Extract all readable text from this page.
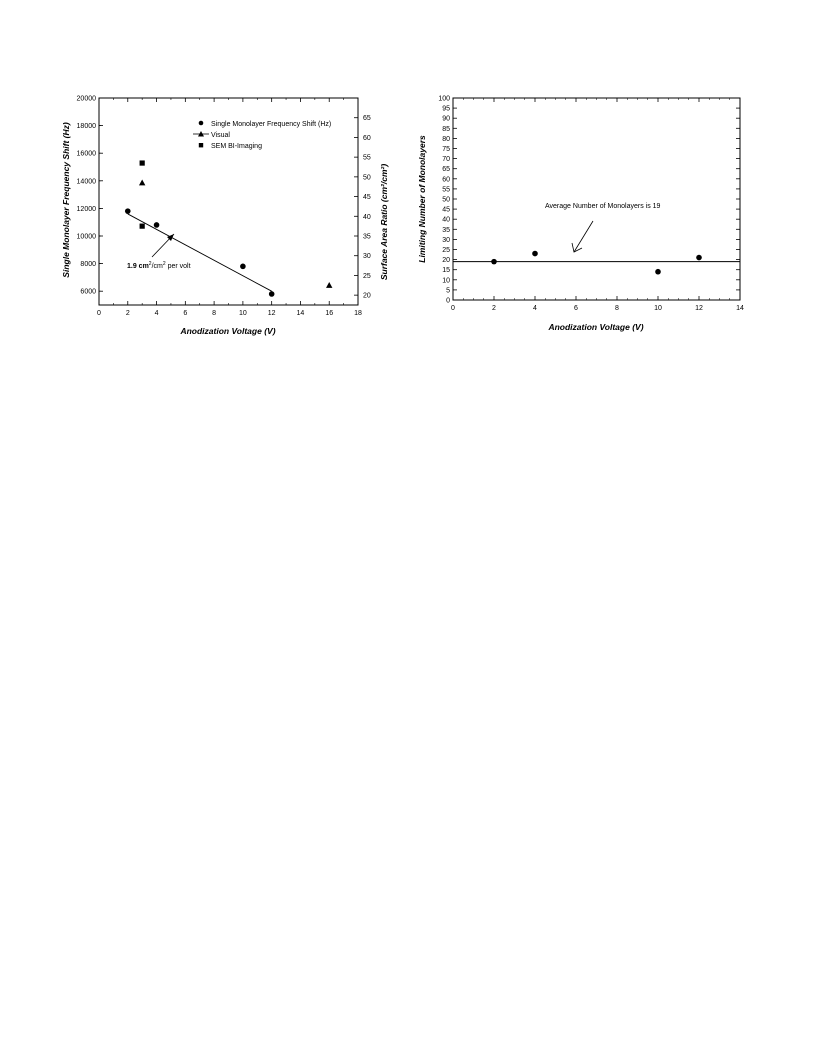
0	2	4	6	8	10	12	14	16	18
6000
8000
10000
12000
14000
16000
18000
20000
20
25
30
35
40
45
50
55
60
65
Single Monolayer Frequency Shift (Hz)
Visual
SEM BI-Imaging
1.9 $cm^2/cm^2$ per volt
Anodization Voltage (V)
Single Monolayer Frequency Shift (Hz)	Surface Area Ratio (cm²/cm²)
0	2	4	6	8	10	12	14
0
5
10
15
20
25
30
35
40
45
50
55
60
65
70
75
80
85
90
95
100
Average Number of Monolayers is 19
Anodization Voltage (V)
Limiting Number of Monolayers
